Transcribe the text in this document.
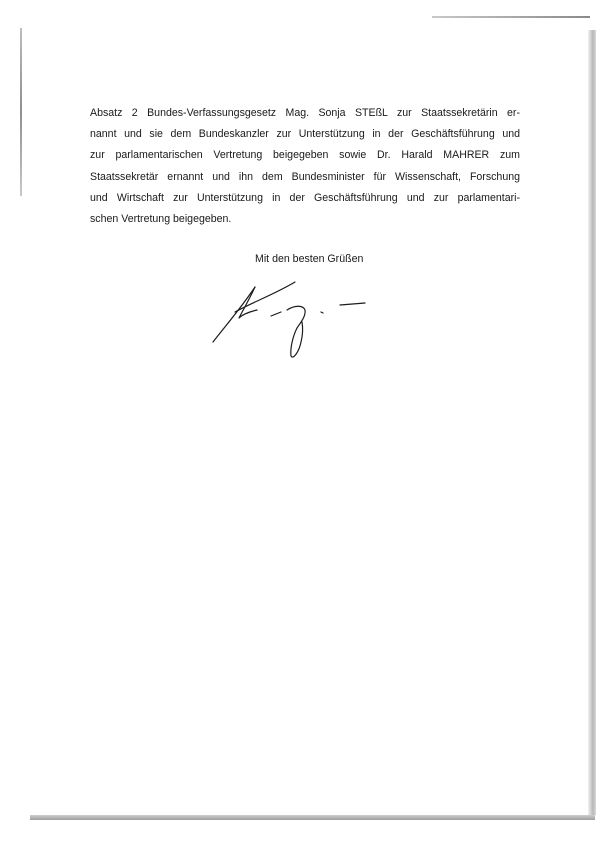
Absatz 2 Bundes-Verfassungsgesetz Mag. Sonja STEßL zur Staatssekretärin er-
nannt und sie dem Bundeskanzler zur Unterstützung in der Geschäftsführung und
zur parlamentarischen Vertretung beigegeben sowie Dr. Harald MAHRER zum
Staatssekretär ernannt und ihn dem Bundesminister für Wissenschaft, Forschung
und Wirtschaft zur Unterstützung in der Geschäftsführung und zur parlamentari-
schen Vertretung beigegeben.

Mit den besten Grüßen
